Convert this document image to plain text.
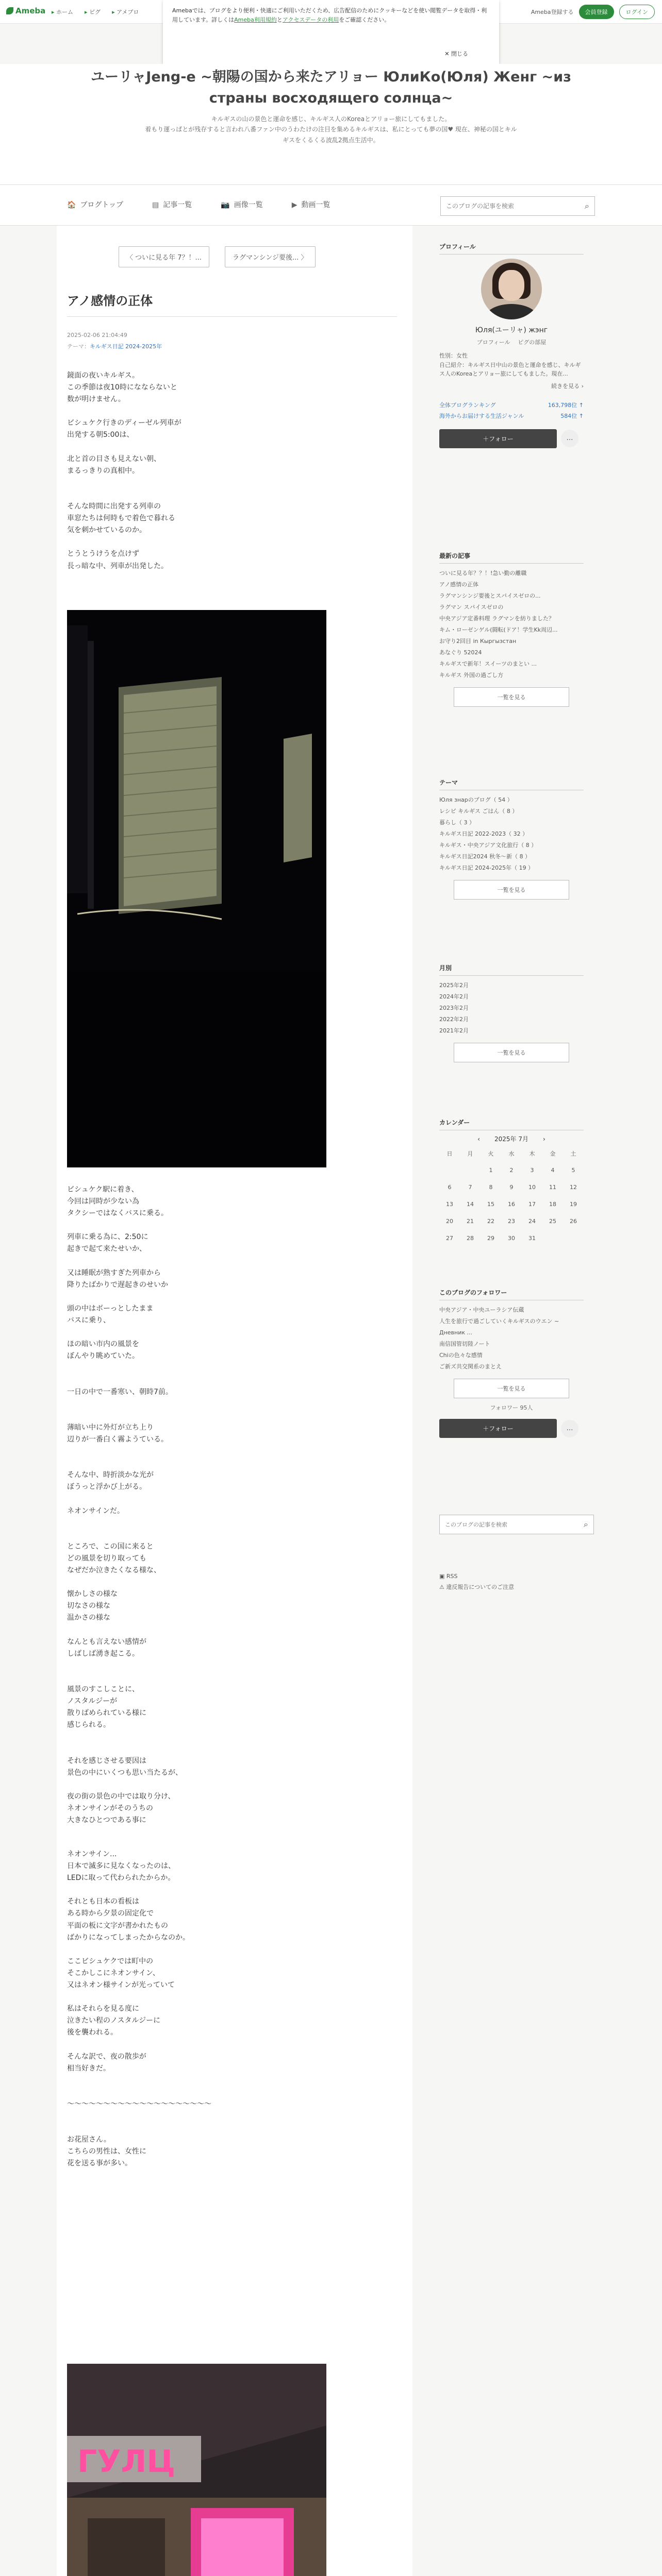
Ameba	▸ ホーム	▸ ピグ	▸ アメブロ	Ameba登録する	会員登録	ログイン
Amebaでは、ブログをより便利・快適にご利用いただくため、広告配信のためにクッキーなどを使い閲覧データを取得・利用しています。詳しくはAmeba利用規約とアクセスデータの利用をご確認ください。
✕ 閉じる
ユーリャJeng-e ~朝陽の国から来たアリョー ЮлиКо(Юля) Женг ~из страны восходящего солнца~
キルギスの山の景色と運命を感じ、キルギス人のKoreaとアリョー旅にしてもました。
着もり運っぱとが残存すると言われ八番ファン中のうわたけの注目を集めるキルギスは、私にとっても夢の国♥ 現在、神秘の国とキルギスをくるくる波乱2拠点生活中。
🏠 ブログトップ	▤ 記事一覧	📷 画像一覧	▶ 動画一覧
このブログの記事を検索	⌕
〈 ついに見る年 7？！...	ラグマンシンジ要後... 〉
アノ感情の正体
2025-02-06 21:04:49
テーマ：キルギス日記 2024-2025年
鏡面の夜いキルギス。
この季節は夜10時になならないと
数が明けません。

ビシュケク行きのディーゼル列車が
出発する朝5:00は、

北と首の目さも見えない朝、
まるっきりの真相中。

そんな時間に出発する列車の
車窓たちは何時もで着色で暮れる
気を刺かせているのか。

とうとうけうを点けず
長っ暗な中、列車が出発した。
ビシュケク駅に着き、
今回は同時が少ない為
タクシーではなくバスに乗る。

列車に乗る為に、2:50に
起きで起て来たせいか、

又は睡眠が熟すぎた列車から
降りたばかりで遅起きのせいか

頭の中はボーっとしたまま
バスに乗り、

ほの暗い市内の風景を
ぼんやり眺めていた。

一日の中で一番寒い、朝時7前。

薄暗い中に外灯が立ち上り
辺りが一番白く霧ようている。

そんな中、時折淡かな光が
ぼうっと浮かび上がる。

ネオンサインだ。

ところで、この国に来ると
どの風景を切り取っても
なぜだか泣きたくなる様な、

懐かしさの様な
切なさの様な
温かさの様な

なんとも言えない感情が
しばしば湧き起こる。

風景のすこしことに、
ノスタルジーが
散りばめられている様に
感じられる。

それを感じさせる要因は
景色の中にいくつも思い当たるが、

夜の街の景色の中では取り分け、
ネオンサインがそのうちの
大きなひとつである事に
ネオンサイン...
日本で滅多に見なくなったのは、
LEDに取って代わられたからか。

それとも日本の看板は
ある時から夕景の固定化で
平面の板に文字が書かれたもの
ばかりになってしまったからなのか。

ここビシュケクでは町中の
そこかしこにネオンサイン、
又はネオン様サインが光っていて

私はそれらを見る度に
泣きたい程のノスタルジーに
後を襲われる。

そんな訳で、夜の散歩が
相当好きだ。

～～～～～～～～～～～～～～～～～～～～

お花屋さん。
こちらの男性は、女性に
花を送る事が多い。
ГУЛЦ
プロフィール
Юля(ユーリャ) жэнг
プロフィール　 ピグの部屋
性別：女性
自己紹介：キルギス日中山の景色と運命を感じ、キルギス人のKoreaとアリョー旅にしてもました。現在...
続きを見る ›
全体ブログランキング	163,798位 ↑
海外からお届けする生活ジャンル	584位 ↑
＋フォロー	…
最新の記事
ついに見る年？？！!急い勤の離職
アノ感情の正体
ラグマンシンジ要後とスパイスゼロの...
ラグマン スパイスゼロの
中央アジア定番料理 ラグマンを紡りました？
キム・ローゼンゲル(闘転(ドア！学生Kk周辺...
お守り2回目 in Кыргызстан
あなぐり 52024
キルギスで新年！スイーツのまとい ...
キルギス 外国の過ごし方
一覧を見る
テーマ
Юля знарのブログ（ 54 ）
レシピ キルギス ごはん（ 8 ）
暮らし（ 3 ）
キルギス日記 2022-2023（ 32 ）
キルギス・中央アジア文化旅行（ 8 ）
キルギス日記2024 秋冬～新（ 8 ）
キルギス日記 2024-2025年（ 19 ）
一覧を見る
月別
2025年2月
2024年2月
2023年2月
2022年2月
2021年2月
一覧を見る
カレンダー
‹ 2025年 7月 ›
日	月	火	水	木	金	土
		1	2	3	4	5
6	7	8	9	10	11	12
13	14	15	16	17	18	19
20	21	22	23	24	25	26
27	28	29	30	31		
このブログのフォロワー
中央アジア・中央ユーラシア伝蔵
人生を旅行で過ごしていくキルギスのウエン ~ Дневник ...
南信国管切陸ノート
Chiの色々な感情
ご新ズ共交関系のまとえ
一覧を見る
フォロワー 95人
＋フォロー	…
このブログの記事を検索
⌕
▣ RSS
⚠ 違反報告についてのご注意
